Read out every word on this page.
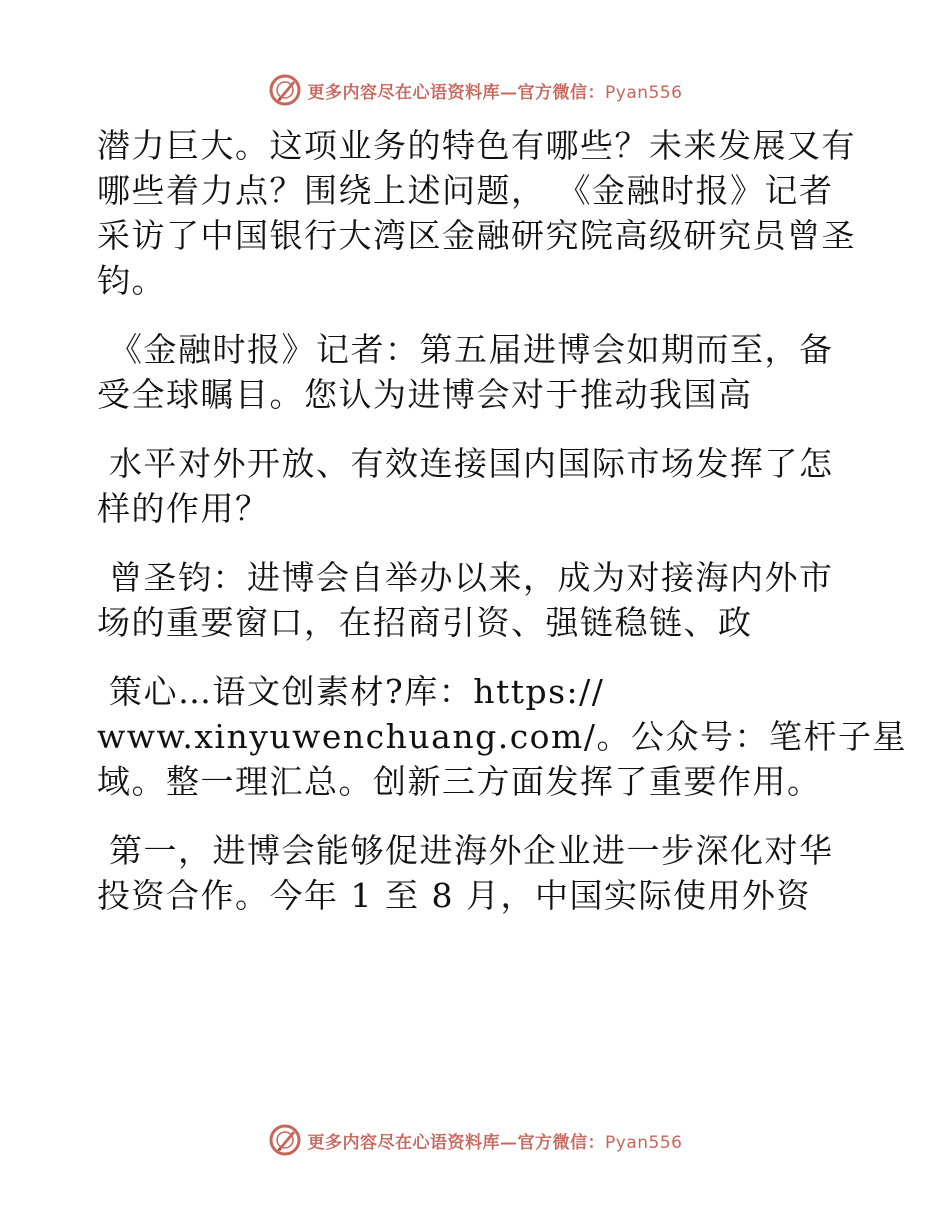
更多内容尽在心语资料库—官方微信：Pyan556
潜力巨大。这项业务的特色有哪些？未来发展又有
哪些着力点？围绕上述问题， 《金融时报》记者
采访了中国银行大湾区金融研究院高级研究员曾圣
钧。
《金融时报》记者：第五届进博会如期而至，备
受全球瞩目。您认为进博会对于推动我国高
水平对外开放、有效连接国内国际市场发挥了怎
样的作用？
曾圣钧：进博会自举办以来，成为对接海内外市
场的重要窗口，在招商引资、强链稳链、政
策心…语文创素材?库：https://
www.xinyuwenchuang.com/。公众号：笔杆子星
域。整一理汇总。创新三方面发挥了重要作用。
第一，进博会能够促进海外企业进一步深化对华
投资合作。今年 1 至 8 月，中国实际使用外资
更多内容尽在心语资料库—官方微信：Pyan556
